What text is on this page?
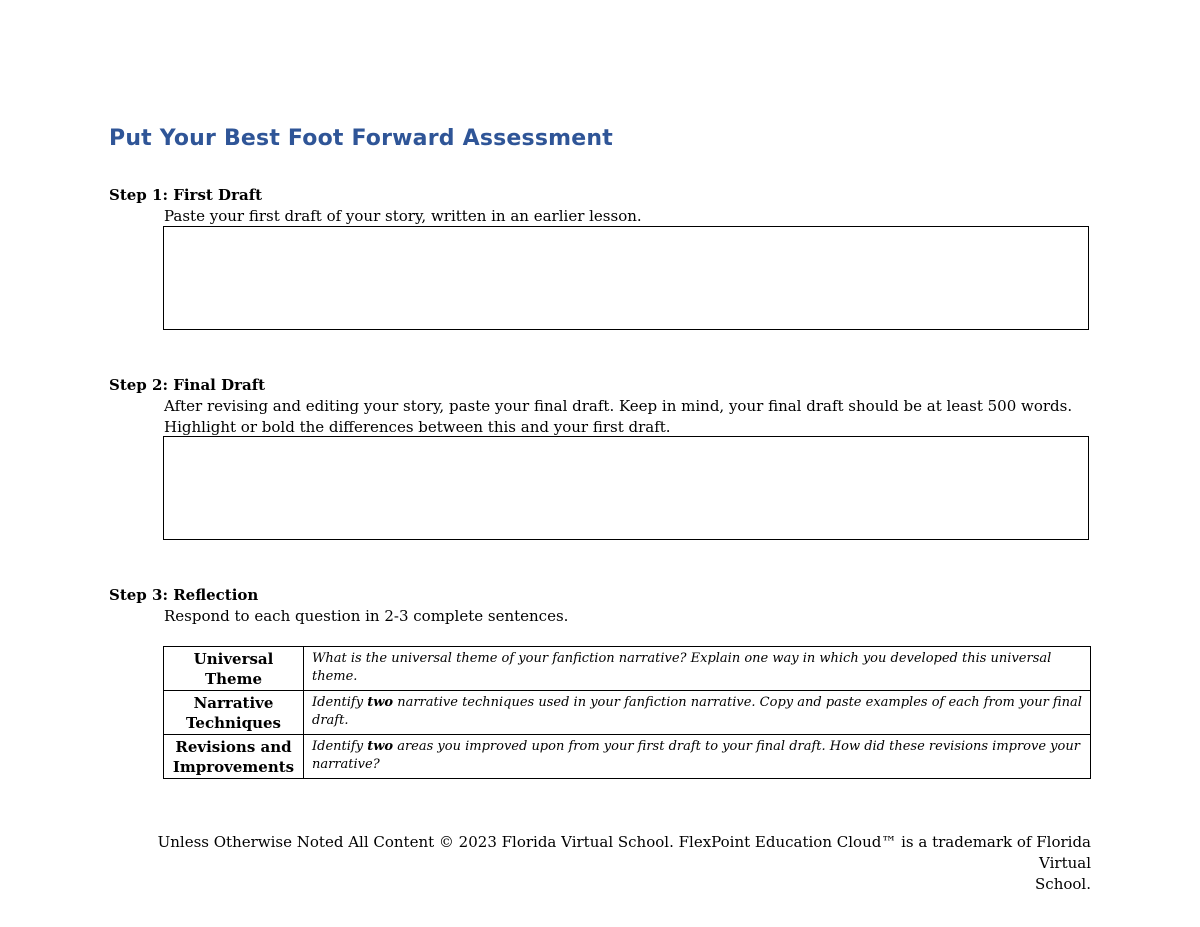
Put Your Best Foot Forward Assessment
Step 1: First Draft
Paste your first draft of your story, written in an earlier lesson.
Step 2: Final Draft
After revising and editing your story, paste your final draft. Keep in mind, your final draft should be at least 500 words.
Highlight or bold the differences between this and your first draft.
Step 3: Reflection
Respond to each question in 2-3 complete sentences.
Universal
Theme	What is the universal theme of your fanfiction narrative? Explain one way in which you developed this universal theme.

Narrative
Techniques	Identify two narrative techniques used in your fanfiction narrative. Copy and paste examples of each from your final draft.

Revisions and
Improvements	Identify two areas you improved upon from your first draft to your final draft. How did these revisions improve your narrative?
Unless Otherwise Noted All Content © 2023 Florida Virtual School. FlexPoint Education Cloud™ is a trademark of Florida Virtual
School.
